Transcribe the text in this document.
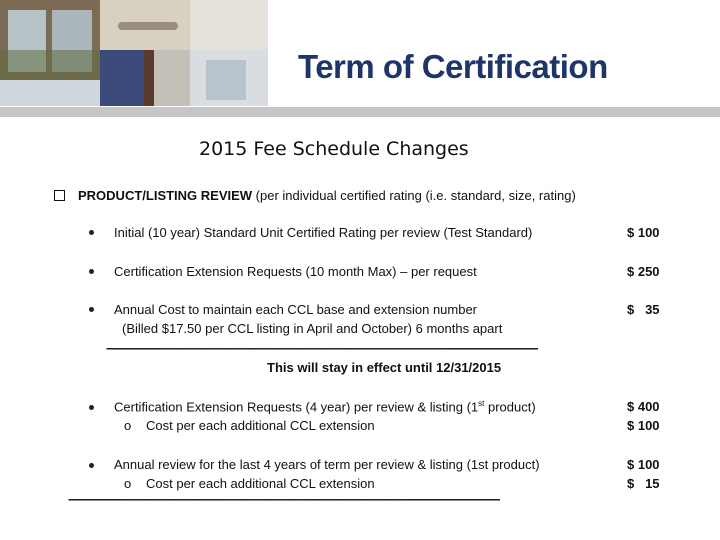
Term of Certification
2015 Fee Schedule Changes
PRODUCT/LISTING REVIEW (per individual certified rating (i.e. standard, size, rating)
Initial (10 year) Standard Unit Certified Rating per review (Test Standard)	$ 100
Certification Extension Requests (10 month Max) – per request	$ 250
Annual Cost to maintain each CCL base and extension number	$   35
(Billed $17.50 per CCL listing in April and October) 6 months apart
------------------------------------------------------------------------------------------------------------------------------------------------
This will stay in effect until 12/31/2015
Certification Extension Requests (4 year) per review & listing (1st product)	$ 400
o Cost per each additional CCL extension	$ 100
Annual review for the last 4 years of term per review & listing (1st product)	$ 100
o Cost per each additional CCL extension	$   15
------------------------------------------------------------------------------------------------------------------------------------------------
